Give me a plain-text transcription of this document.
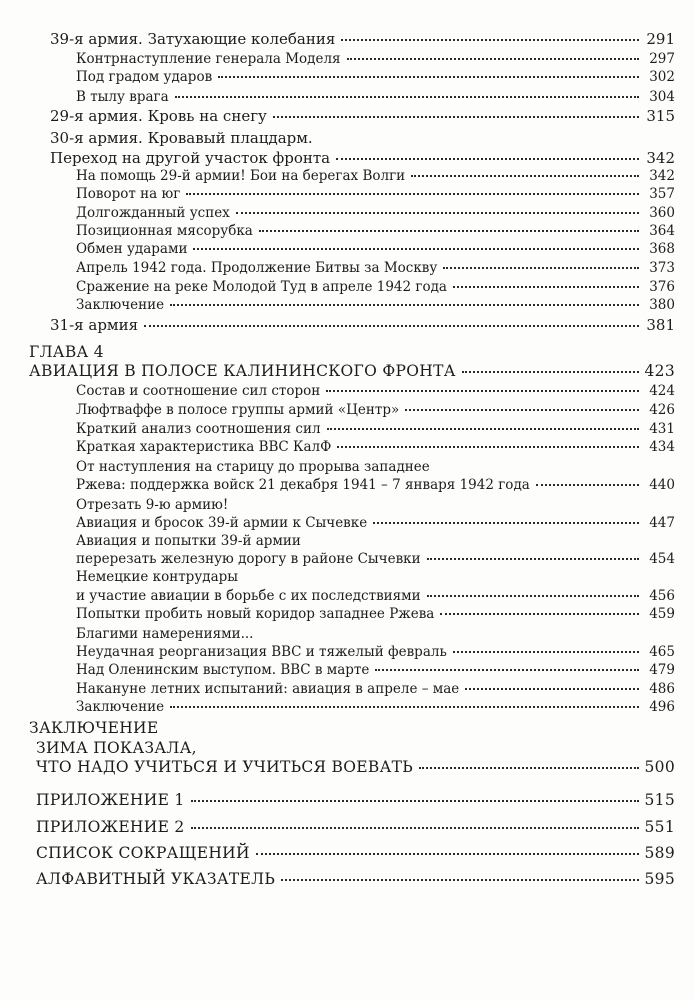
39-я армия. Затухающие колебания	291
Контрнаступление генерала Моделя	297
Под градом ударов	302
В тылу врага	304
29-я армия. Кровь на снегу	315
30-я армия. Кровавый плацдарм.
Переход на другой участок фронта	342
На помощь 29-й армии! Бои на берегах Волги	342
Поворот на юг	357
Долгожданный успех	360
Позиционная мясорубка	364
Обмен ударами	368
Апрель 1942 года. Продолжение Битвы за Москву	373
Сражение на реке Молодой Туд в апреле 1942 года	376
Заключение	380
31-я армия	381
ГЛАВА 4
АВИАЦИЯ В ПОЛОСЕ КАЛИНИНСКОГО ФРОНТА	423
Состав и соотношение сил сторон	424
Люфтваффе в полосе группы армий «Центр»	426
Краткий анализ соотношения сил	431
Краткая характеристика ВВС КалФ	434
От наступления на старицу до прорыва западнее
Ржева: поддержка войск 21 декабря 1941 – 7 января 1942 года	440
Отрезать 9-ю армию!
Авиация и бросок 39-й армии к Сычевке	447
Авиация и попытки 39-й армии
перерезать железную дорогу в районе Сычевки	454
Немецкие контрудары
и участие авиации в борьбе с их последствиями	456
Попытки пробить новый коридор западнее Ржева	459
Благими намерениями...
Неудачная реорганизация ВВС и тяжелый февраль	465
Над Оленинским выступом. ВВС в марте	479
Накануне летних испытаний: авиация в апреле – мае	486
Заключение	496
ЗАКЛЮЧЕНИЕ
ЗИМА ПОКАЗАЛА,
ЧТО НАДО УЧИТЬСЯ И УЧИТЬСЯ ВОЕВАТЬ	500
ПРИЛОЖЕНИЕ 1	515
ПРИЛОЖЕНИЕ 2	551
СПИСОК СОКРАЩЕНИЙ	589
АЛФАВИТНЫЙ УКАЗАТЕЛЬ	595
